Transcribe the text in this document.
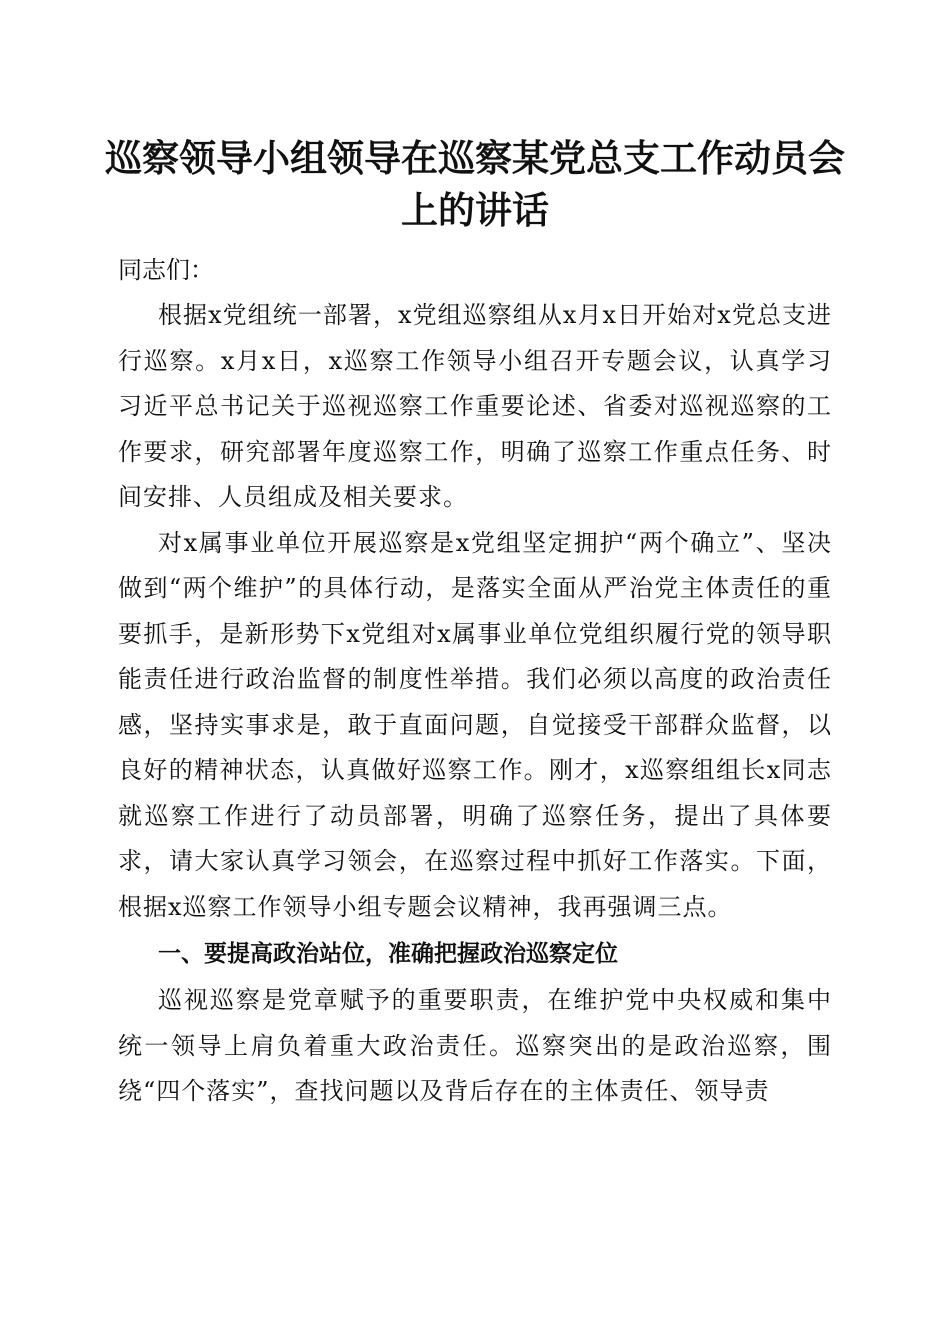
巡察领导小组领导在巡察某党总支工作动员会
上的讲话

同志们：

根据x党组统一部署，x党组巡察组从x月x日开始对x党总支进行巡察。x月x日，x巡察工作领导小组召开专题会议，认真学习习近平总书记关于巡视巡察工作重要论述、省委对巡视巡察的工作要求，研究部署年度巡察工作，明确了巡察工作重点任务、时间安排、人员组成及相关要求。

对x属事业单位开展巡察是x党组坚定拥护“两个确立”、坚决做到“两个维护”的具体行动，是落实全面从严治党主体责任的重要抓手，是新形势下x党组对x属事业单位党组织履行党的领导职能责任进行政治监督的制度性举措。我们必须以高度的政治责任感，坚持实事求是，敢于直面问题，自觉接受干部群众监督，以良好的精神状态，认真做好巡察工作。刚才，x巡察组组长x同志就巡察工作进行了动员部署，明确了巡察任务，提出了具体要求，请大家认真学习领会，在巡察过程中抓好工作落实。下面，根据x巡察工作领导小组专题会议精神，我再强调三点。

一、要提高政治站位，准确把握政治巡察定位

巡视巡察是党章赋予的重要职责，在维护党中央权威和集中统一领导上肩负着重大政治责任。巡察突出的是政治巡察，围绕“四个落实”，查找问题以及背后存在的主体责任、领导责
